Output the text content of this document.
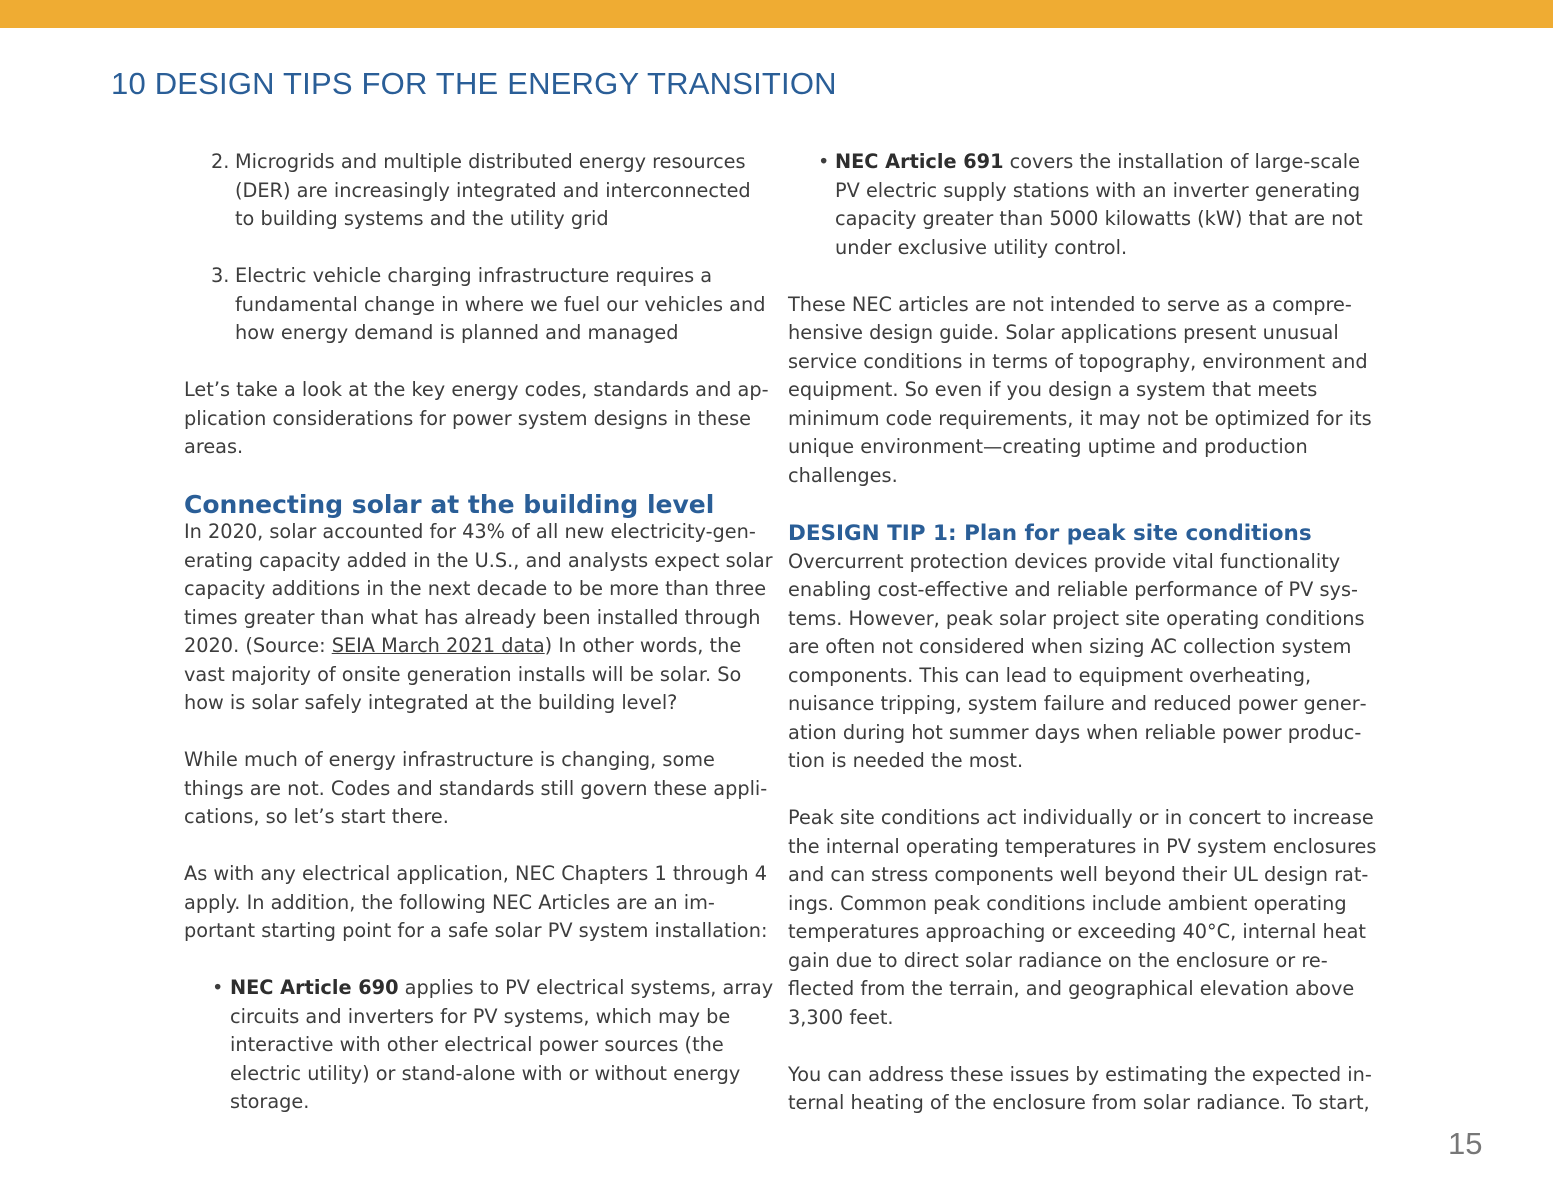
10 DESIGN TIPS FOR THE ENERGY TRANSITION
2. Microgrids and multiple distributed energy resources (DER) are increasingly integrated and interconnected to building systems and the utility grid
3. Electric vehicle charging infrastructure requires a fundamental change in where we fuel our vehicles and how energy demand is planned and managed

Let’s take a look at the key energy codes, standards and application considerations for power system designs in these areas.

Connecting solar at the building level

In 2020, solar accounted for 43% of all new electricity-generating capacity added in the U.S., and analysts expect solar capacity additions in the next decade to be more than three times greater than what has already been installed through 2020. (Source: SEIA March 2021 data) In other words, the vast majority of onsite generation installs will be solar. So how is solar safely integrated at the building level?

While much of energy infrastructure is changing, some things are not. Codes and standards still govern these applications, so let’s start there.

As with any electrical application, NEC Chapters 1 through 4 apply. In addition, the following NEC Articles are an important starting point for a safe solar PV system installation:

• NEC Article 690 applies to PV electrical systems, array circuits and inverters for PV systems, which may be interactive with other electrical power sources (the electric utility) or stand-alone with or without energy storage.
• NEC Article 691 covers the installation of large-scale PV electric supply stations with an inverter generating capacity greater than 5000 kilowatts (kW) that are not under exclusive utility control.

These NEC articles are not intended to serve as a comprehensive design guide. Solar applications present unusual service conditions in terms of topography, environment and equipment. So even if you design a system that meets minimum code requirements, it may not be optimized for its unique environment—creating uptime and production challenges.

DESIGN TIP 1: Plan for peak site conditions

Overcurrent protection devices provide vital functionality enabling cost-effective and reliable performance of PV systems. However, peak solar project site operating conditions are often not considered when sizing AC collection system components. This can lead to equipment overheating, nuisance tripping, system failure and reduced power generation during hot summer days when reliable power production is needed the most.

Peak site conditions act individually or in concert to increase the internal operating temperatures in PV system enclosures and can stress components well beyond their UL design ratings. Common peak conditions include ambient operating temperatures approaching or exceeding 40°C, internal heat gain due to direct solar radiance on the enclosure or reflected from the terrain, and geographical elevation above 3,300 feet.

You can address these issues by estimating the expected internal heating of the enclosure from solar radiance. To start,

15
